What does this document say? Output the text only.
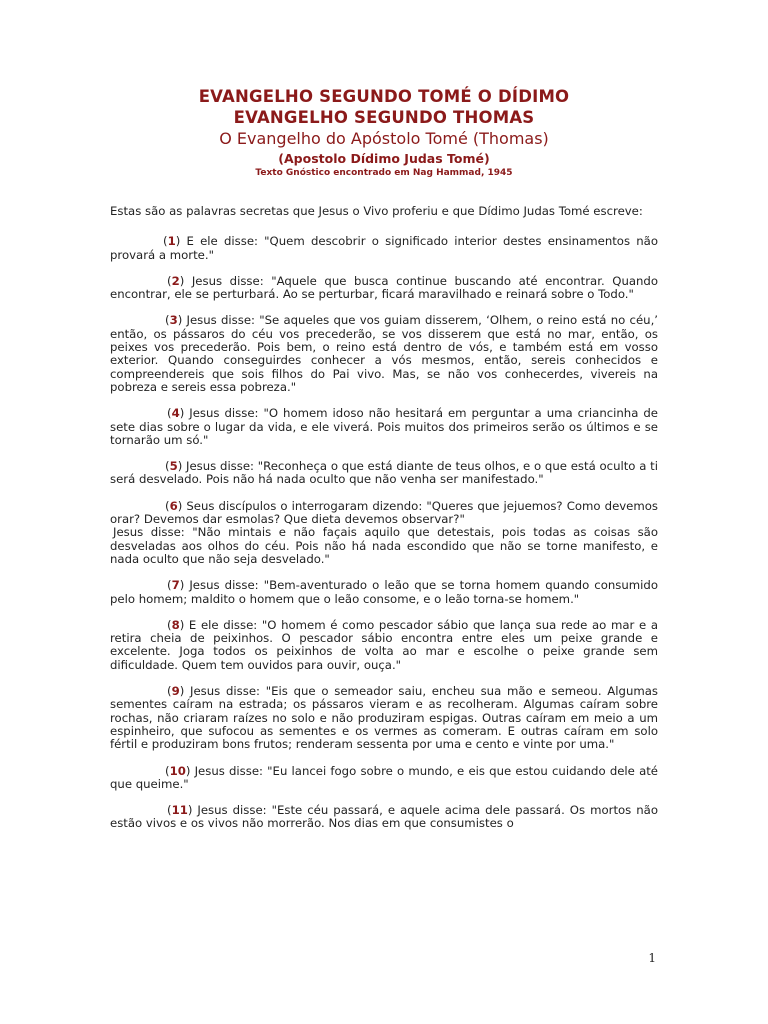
EVANGELHO SEGUNDO TOMÉ O DÍDIMO
EVANGELHO SEGUNDO THOMAS
O Evangelho do Apóstolo Tomé (Thomas)
(Apostolo Dídimo Judas Tomé)
Texto Gnóstico encontrado em Nag Hammad, 1945

Estas são as palavras secretas que Jesus o Vivo proferiu e que Dídimo Judas Tomé escreve:

(1) E ele disse: "Quem descobrir o significado interior destes ensinamentos não provará a morte."

(2) Jesus disse: "Aquele que busca continue buscando até encontrar. Quando encontrar, ele se perturbará. Ao se perturbar, ficará maravilhado e reinará sobre o Todo."

(3) Jesus disse: "Se aqueles que vos guiam disserem, ‘Olhem, o reino está no céu,’ então, os pássaros do céu vos precederão, se vos disserem que está no mar, então, os peixes vos precederão. Pois bem, o reino está dentro de vós, e também está em vosso exterior. Quando conseguirdes conhecer a vós mesmos, então, sereis conhecidos e compreendereis que sois filhos do Pai vivo. Mas, se não vos conhecerdes, vivereis na pobreza e sereis essa pobreza."

(4) Jesus disse: "O homem idoso não hesitará em perguntar a uma criancinha de sete dias sobre o lugar da vida, e ele viverá. Pois muitos dos primeiros serão os últimos e se tornarão um só."

(5) Jesus disse: "Reconheça o que está diante de teus olhos, e o que está oculto a ti será desvelado. Pois não há nada oculto que não venha ser manifestado."

(6) Seus discípulos o interrogaram dizendo: "Queres que jejuemos? Como devemos orar? Devemos dar esmolas? Que dieta devemos observar?"

Jesus disse: "Não mintais e não façais aquilo que detestais, pois todas as coisas são desveladas aos olhos do céu. Pois não há nada escondido que não se torne manifesto, e nada oculto que não seja desvelado."

(7) Jesus disse: "Bem-aventurado o leão que se torna homem quando consumido pelo homem; maldito o homem que o leão consome, e o leão torna-se homem."

(8) E ele disse: "O homem é como pescador sábio que lança sua rede ao mar e a retira cheia de peixinhos. O pescador sábio encontra entre eles um peixe grande e excelente. Joga todos os peixinhos de volta ao mar e escolhe o peixe grande sem dificuldade. Quem tem ouvidos para ouvir, ouça."

(9) Jesus disse: "Eis que o semeador saiu, encheu sua mão e semeou. Algumas sementes caíram na estrada; os pássaros vieram e as recolheram. Algumas caíram sobre rochas, não criaram raízes no solo e não produziram espigas. Outras caíram em meio a um espinheiro, que sufocou as sementes e os vermes as comeram. E outras caíram em solo fértil e produziram bons frutos; renderam sessenta por uma e cento e vinte por uma."

(10) Jesus disse: "Eu lancei fogo sobre o mundo, e eis que estou cuidando dele até que queime."

(11) Jesus disse: "Este céu passará, e aquele acima dele passará. Os mortos não estão vivos e os vivos não morrerão. Nos dias em que consumistes o

1
